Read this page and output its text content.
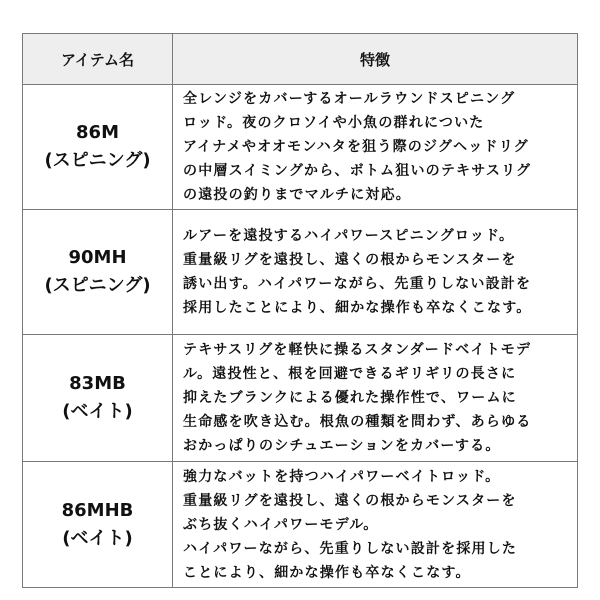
アイテム名	特徴

86M
(スピニング)	全レンジをカバーするオールラウンドスピニング
ロッド。夜のクロソイや小魚の群れについた
アイナメやオオモンハタを狙う際のジグヘッドリグ
の中層スイミングから、ボトム狙いのテキサスリグ
の遠投の釣りまでマルチに対応。

90MH
(スピニング)	ルアーを遠投するハイパワースピニングロッド。
重量級リグを遠投し、遠くの根からモンスターを
誘い出す。ハイパワーながら、先重りしない設計を
採用したことにより、細かな操作も卒なくこなす。

83MB
(ベイト)	テキサスリグを軽快に操るスタンダードベイトモデ
ル。遠投性と、根を回避できるギリギリの長さに
抑えたブランクによる優れた操作性で、ワームに
生命感を吹き込む。根魚の種類を問わず、あらゆる
おかっぱりのシチュエーションをカバーする。

86MHB
(ベイト)	強力なバットを持つハイパワーベイトロッド。
重量級リグを遠投し、遠くの根からモンスターを
ぶち抜くハイパワーモデル。
ハイパワーながら、先重りしない設計を採用した
ことにより、細かな操作も卒なくこなす。
